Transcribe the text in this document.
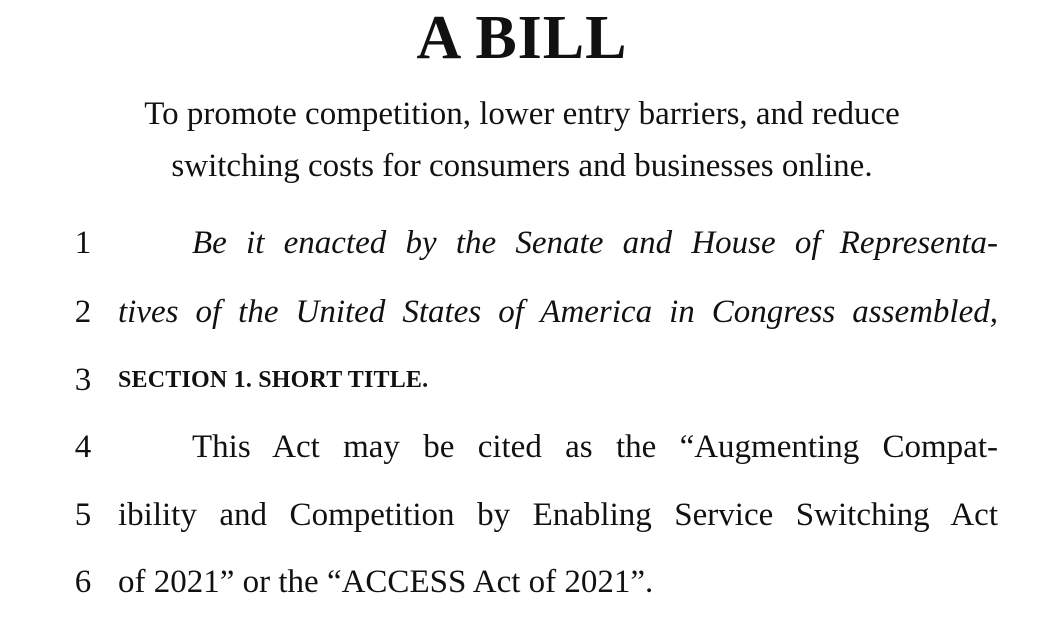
A BILL
To promote competition, lower entry barriers, and reduce
switching costs for consumers and businesses online.
1	Be it enacted by the Senate and House of Representa-
2 tives of the United States of America in Congress assembled,
3	SECTION 1. SHORT TITLE.
4	This Act may be cited as the “Augmenting Compat-
5 ibility and Competition by Enabling Service Switching Act
6 of 2021” or the “ACCESS Act of 2021”.
